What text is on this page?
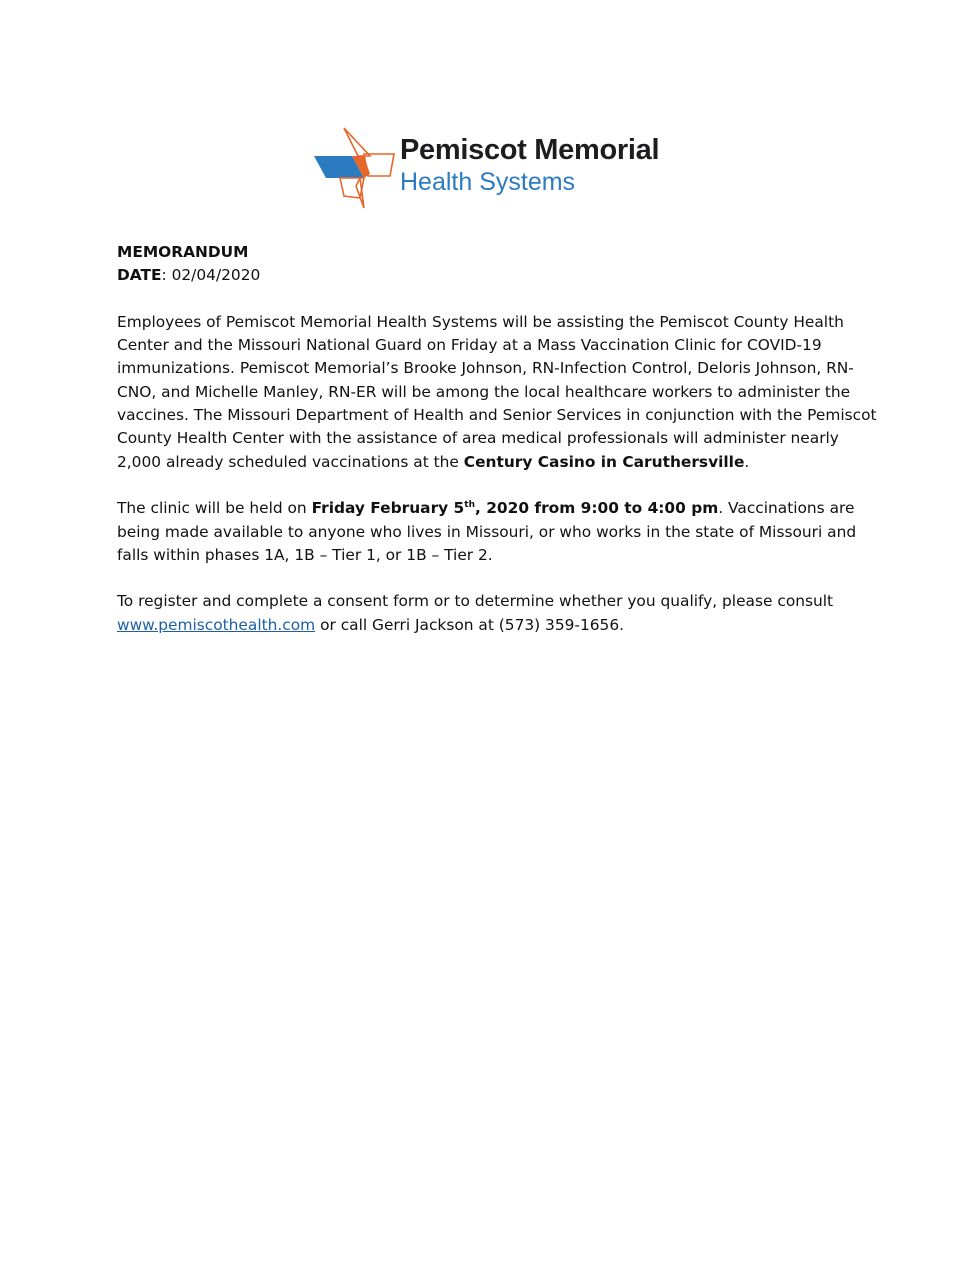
Pemiscot Memorial
Health Systems

MEMORANDUM

DATE: 02/04/2020

Employees of Pemiscot Memorial Health Systems will be assisting the Pemiscot County Health Center and the Missouri National Guard on Friday at a Mass Vaccination Clinic for COVID-19 immunizations. Pemiscot Memorial’s Brooke Johnson, RN-Infection Control, Deloris Johnson, RN-CNO, and Michelle Manley, RN-ER will be among the local healthcare workers to administer the vaccines. The Missouri Department of Health and Senior Services in conjunction with the Pemiscot County Health Center with the assistance of area medical professionals will administer nearly 2,000 already scheduled vaccinations at the Century Casino in Caruthersville.

The clinic will be held on Friday February 5th, 2020 from 9:00 to 4:00 pm. Vaccinations are being made available to anyone who lives in Missouri, or who works in the state of Missouri and falls within phases 1A, 1B – Tier 1, or 1B – Tier 2.

To register and complete a consent form or to determine whether you qualify, please consult www.pemiscothealth.com or call Gerri Jackson at (573) 359-1656.
